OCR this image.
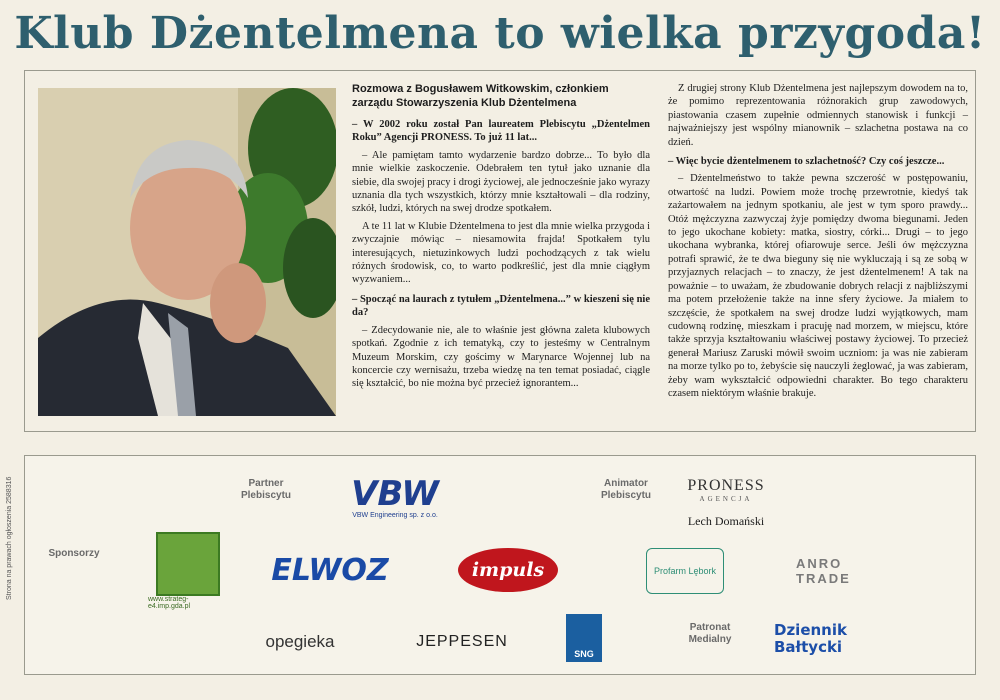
Klub Dżentelmena to wielka przygoda!
Rozmowa z Bogusławem Witkowskim, członkiem zarządu Stowarzyszenia Klub Dżentelmena

– W 2002 roku został Pan laureatem Plebiscytu „Dżentelmen Roku” Agencji PRONESS. To już 11 lat...

– Ale pamiętam tamto wydarzenie bardzo dobrze... To było dla mnie wielkie zaskoczenie. Odebrałem ten tytuł jako uznanie dla siebie, dla swojej pracy i drogi życiowej, ale jednocześnie jako wyrazy uznania dla tych wszystkich, którzy mnie kształtowali – dla rodziny, szkół, ludzi, których na swej drodze spotkałem.

A te 11 lat w Klubie Dżentelmena to jest dla mnie wielka przygoda i zwyczajnie mówiąc – niesamowita frajda! Spotkałem tylu interesujących, nietuzinkowych ludzi pochodzących z tak wielu różnych środowisk, co, to warto podkreślić, jest dla mnie ciągłym wyzwaniem...

– Spocząć na laurach z tytułem „Dżentelmena...” w kieszeni się nie da?

– Zdecydowanie nie, ale to właśnie jest główna zaleta klubowych spotkań. Zgodnie z ich tematyką, czy to jesteśmy w Centralnym Muzeum Morskim, czy gościmy w Marynarce Wojennej lub na koncercie czy wernisażu, trzeba wiedzę na ten temat posiadać, ciągle się kształcić, bo nie można być przecież ignorantem...

Z drugiej strony Klub Dżentelmena jest najlepszym dowodem na to, że pomimo reprezentowania różnorakich grup zawodowych, piastowania czasem zupełnie odmiennych stanowisk i funkcji – najważniejszy jest wspólny mianownik – szlachetna postawa na co dzień.

– Więc bycie dżentelmenem to szlachetność? Czy coś jeszcze...

– Dżentelmeństwo to także pewna szczerość w postępowaniu, otwartość na ludzi. Powiem może trochę przewrotnie, kiedyś tak zażartowałem na jednym spotkaniu, ale jest w tym sporo prawdy... Otóż mężczyzna zazwyczaj żyje pomiędzy dwoma biegunami. Jeden to jego ukochane kobiety: matka, siostry, córki... Drugi – to jego ukochana wybranka, której ofiarowuje serce. Jeśli ów mężczyzna potrafi sprawić, że te dwa bieguny się nie wykluczają i są ze sobą w przyjaznych relacjach – to znaczy, że jest dżentelmenem! A tak na poważnie – to uważam, że zbudowanie dobrych relacji z najbliższymi ma potem przełożenie także na inne sfery życiowe. Ja miałem to szczęście, że spotkałem na swej drodze ludzi wyjątkowych, mam cudowną rodzinę, mieszkam i pracuję nad morzem, w miejscu, które także sprzyja kształtowaniu właściwej postawy życiowej. To przecież generał Mariusz Zaruski mówił swoim uczniom: ja was nie zabieram na morze tylko po to, żebyście się nauczyli żeglować, ja was zabieram, żeby wam wykształcić odpowiedni charakter. Bo tego charakteru czasem niektórym właśnie brakuje.

Partner Plebiscytu
Animator Plebiscytu
Sponsorzy
Patronat Medialny
VBW
VBW Engineering sp. z o.o.
PRONESS
AGENCJA
Lech Domański
www.strateg-e4.imp.gda.pl
ELWOZ	impuls	Profarm Lębork	ANRO TRADE
opegieka	JEPPESEN
SNG
Dziennik Bałtycki
Strona na prawach ogłoszenia 2588316
